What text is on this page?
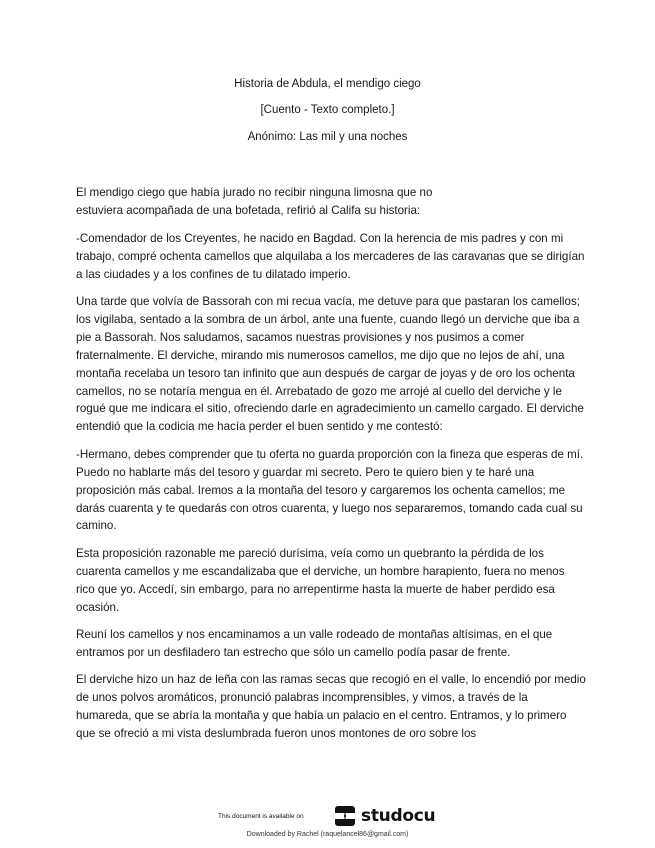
Historia de Abdula, el mendigo ciego
[Cuento - Texto completo.]
Anónimo: Las mil y una noches

El mendigo ciego que había jurado no recibir ninguna limosna que no estuviera acompañada de una bofetada, refirió al Califa su historia:

-Comendador de los Creyentes, he nacido en Bagdad. Con la herencia de mis padres y con mi trabajo, compré ochenta camellos que alquilaba a los mercaderes de las caravanas que se dirigían a las ciudades y a los confines de tu dilatado imperio.

Una tarde que volvía de Bassorah con mi recua vacía, me detuve para que pastaran los camellos; los vigilaba, sentado a la sombra de un árbol, ante una fuente, cuando llegó un derviche que iba a pie a Bassorah. Nos saludamos, sacamos nuestras provisiones y nos pusimos a comer fraternalmente. El derviche, mirando mis numerosos camellos, me dijo que no lejos de ahí, una montaña recelaba un tesoro tan infinito que aun después de cargar de joyas y de oro los ochenta camellos, no se notaría mengua en él. Arrebatado de gozo me arrojé al cuello del derviche y le rogué que me indicara el sitio, ofreciendo darle en agradecimiento un camello cargado. El derviche entendió que la codicia me hacía perder el buen sentido y me contestó:

-Hermano, debes comprender que tu oferta no guarda proporción con la fineza que esperas de mí. Puedo no hablarte más del tesoro y guardar mi secreto. Pero te quiero bien y te haré una proposición más cabal. Iremos a la montaña del tesoro y cargaremos los ochenta camellos; me darás cuarenta y te quedarás con otros cuarenta, y luego nos separaremos, tomando cada cual su camino.

Esta proposición razonable me pareció durísima, veía como un quebranto la pérdida de los cuarenta camellos y me escandalizaba que el derviche, un hombre harapiento, fuera no menos rico que yo. Accedí, sin embargo, para no arrepentirme hasta la muerte de haber perdido esa ocasión.

Reuní los camellos y nos encaminamos a un valle rodeado de montañas altísimas, en el que entramos por un desfiladero tan estrecho que sólo un camello podía pasar de frente.

El derviche hizo un haz de leña con las ramas secas que recogió en el valle, lo encendió por medio de unos polvos aromáticos, pronunció palabras incomprensibles, y vimos, a través de la humareda, que se abría la montaña y que había un palacio en el centro. Entramos, y lo primero que se ofreció a mi vista deslumbrada fueron unos montones de oro sobre los

This document is available on	studocu
Downloaded by Rachel (raquelancel86@gmail.com)
